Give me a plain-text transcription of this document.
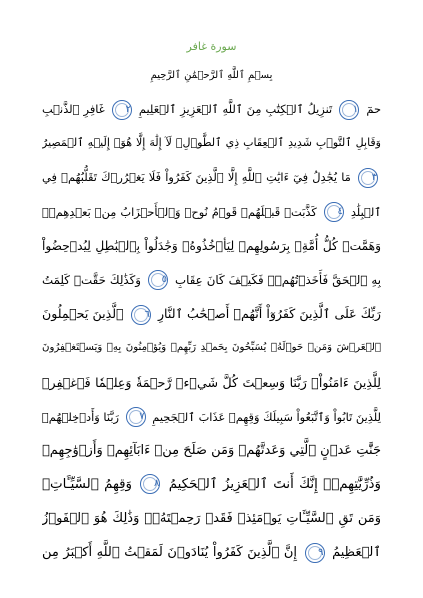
سورة غافر
بِسۡمِ ٱللَّهِ ٱلرَّحۡمَٰنِ ٱلرَّحِيمِ
حمٓ ١ تَنزِيلُ ٱلۡكِتَٰبِ مِنَ ٱللَّهِ ٱلۡعَزِيزِ ٱلۡعَلِيمِ ٢ غَافِرِ ٱلذَّنۢبِ
وَقَابِلِ ٱلتَّوۡبِ شَدِيدِ ٱلۡعِقَابِ ذِي ٱلطَّوۡلِۖ لَآ إِلَٰهَ إِلَّا هُوَۖ إِلَيۡهِ ٱلۡمَصِيرُ
٣ مَا يُجَٰدِلُ فِيٓ ءَايَٰتِ ٱللَّهِ إِلَّا ٱلَّذِينَ كَفَرُواْ فَلَا يَغۡرُرۡكَ تَقَلُّبُهُمۡ فِي
ٱلۡبِلَٰدِ ٤ كَذَّبَتۡ قَبۡلَهُمۡ قَوۡمُ نُوحٖ وَٱلۡأَحۡزَابُ مِنۢ بَعۡدِهِمۡۖ
وَهَمَّتۡ كُلُّ أُمَّةِۭ بِرَسُولِهِمۡ لِيَأۡخُذُوهُۖ وَجَٰدَلُواْ بِٱلۡبَٰطِلِ لِيُدۡحِضُواْ
بِهِ ٱلۡحَقَّ فَأَخَذۡتُهُمۡۖ فَكَيۡفَ كَانَ عِقَابِ ٥ وَكَذَٰلِكَ حَقَّتۡ كَلِمَتُ
رَبِّكَ عَلَى ٱلَّذِينَ كَفَرُوٓاْ أَنَّهُمۡ أَصۡحَٰبُ ٱلنَّارِ ٦ ٱلَّذِينَ يَحۡمِلُونَ
ٱلۡعَرۡشَ وَمَنۡ حَوۡلَهُۥ يُسَبِّحُونَ بِحَمۡدِ رَبِّهِمۡ وَيُؤۡمِنُونَ بِهِۦ وَيَسۡتَغۡفِرُونَ
لِلَّذِينَ ءَامَنُواْۖ رَبَّنَا وَسِعۡتَ كُلَّ شَيۡءٖ رَّحۡمَةٗ وَعِلۡمٗا فَٱغۡفِرۡ
لِلَّذِينَ تَابُواْ وَٱتَّبَعُواْ سَبِيلَكَ وَقِهِمۡ عَذَابَ ٱلۡجَحِيمِ ٧ رَبَّنَا وَأَدۡخِلۡهُمۡ
جَنَّٰتِ عَدۡنٍ ٱلَّتِي وَعَدتَّهُمۡ وَمَن صَلَحَ مِنۡ ءَابَآئِهِمۡ وَأَزۡوَٰجِهِمۡ
وَذُرِّيَّٰتِهِمۡۚ إِنَّكَ أَنتَ ٱلۡعَزِيزُ ٱلۡحَكِيمُ ٨ وَقِهِمُ ٱلسَّيِّـَٔاتِۚ
وَمَن تَقِ ٱلسَّيِّـَٔاتِ يَوۡمَئِذٖ فَقَدۡ رَحِمۡتَهُۥۚ وَذَٰلِكَ هُوَ ٱلۡفَوۡزُ
ٱلۡعَظِيمُ ٩ إِنَّ ٱلَّذِينَ كَفَرُواْ يُنَادَوۡنَ لَمَقۡتُ ٱللَّهِ أَكۡبَرُ مِن
